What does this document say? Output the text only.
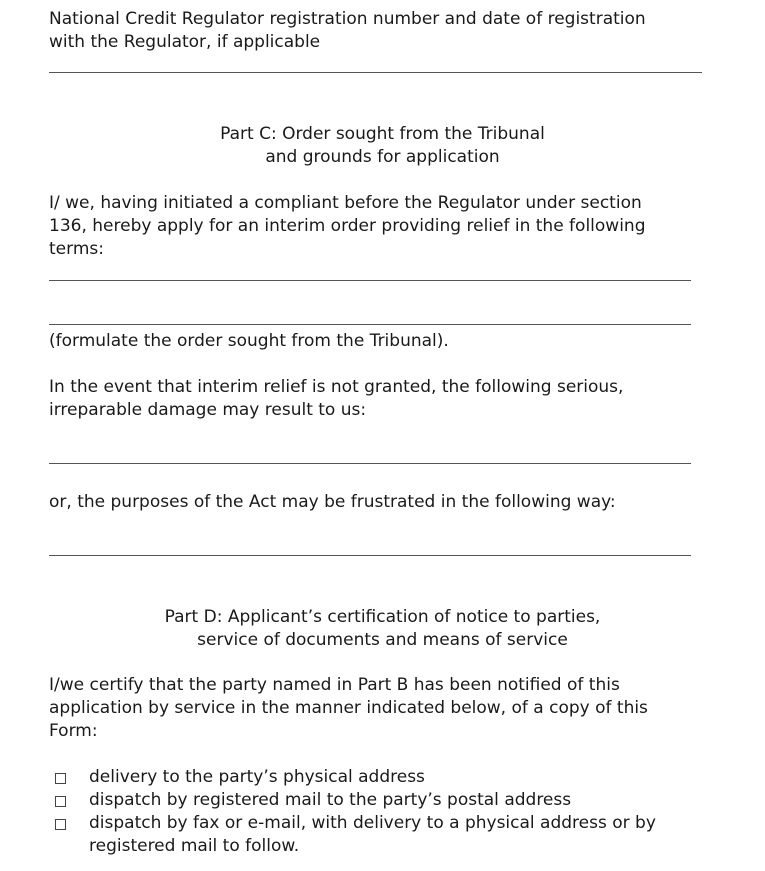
National Credit Regulator registration number and date of registration
with the Regulator, if applicable
Part C: Order sought from the Tribunal
and grounds for application
I/ we, having initiated a compliant before the Regulator under section
136, hereby apply for an interim order providing relief in the following
terms:
(formulate the order sought from the Tribunal).
In the event that interim relief is not granted, the following serious,
irreparable damage may result to us:
or, the purposes of the Act may be frustrated in the following way:
Part D: Applicant’s certification of notice to parties,
service of documents and means of service
I/we certify that the party named in Part B has been notified of this
application by service in the manner indicated below, of a copy of this
Form:
delivery to the party’s physical address
dispatch by registered mail to the party’s postal address
dispatch by fax or e-mail, with delivery to a physical address or by
registered mail to follow.
